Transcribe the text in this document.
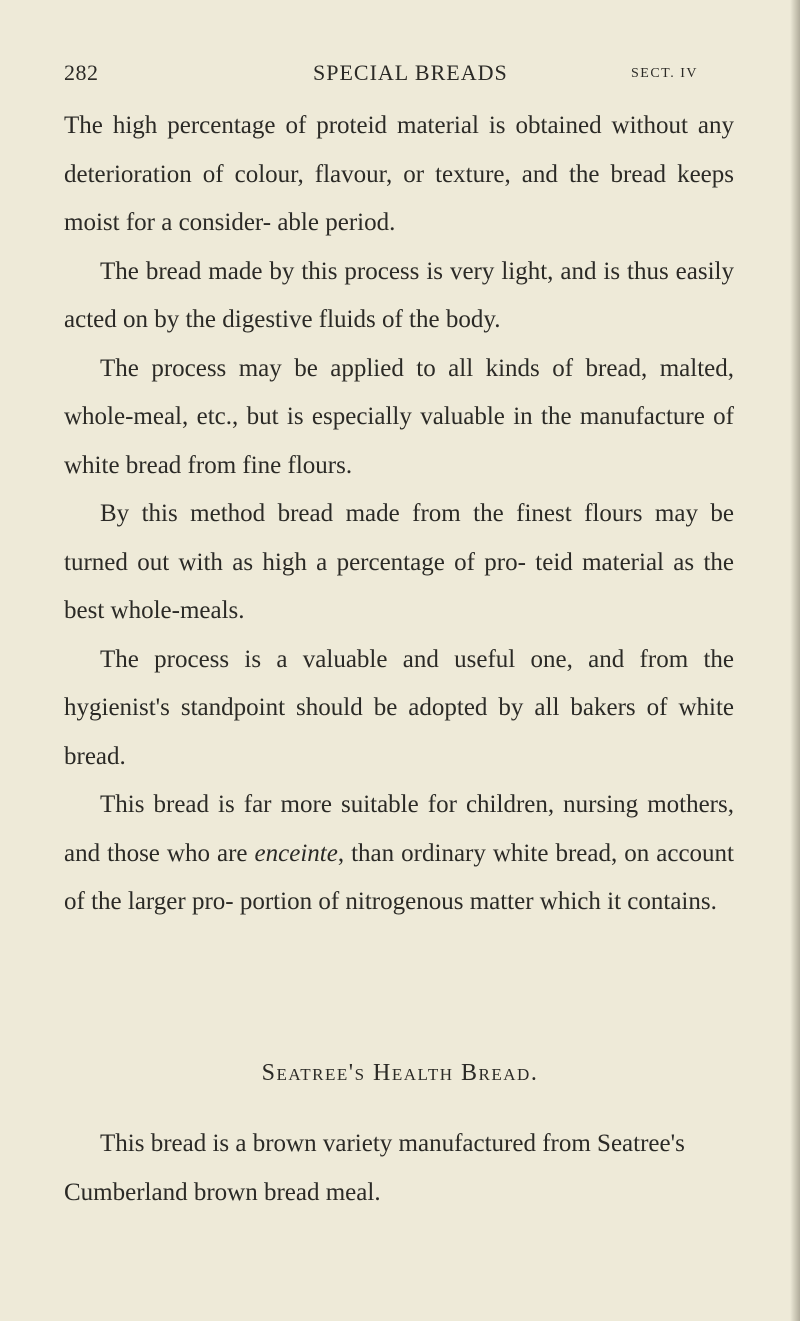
282	SPECIAL BREADS	SECT. IV

The high percentage of proteid material is obtained without any deterioration of colour, flavour, or texture, and the bread keeps moist for a consider- able period.

The bread made by this process is very light, and is thus easily acted on by the digestive fluids of the body.

The process may be applied to all kinds of bread, malted, whole-meal, etc., but is especially valuable in the manufacture of white bread from fine flours.

By this method bread made from the finest flours may be turned out with as high a percentage of pro- teid material as the best whole-meals.

The process is a valuable and useful one, and from the hygienist's standpoint should be adopted by all bakers of white bread.

This bread is far more suitable for children, nursing mothers, and those who are enceinte, than ordinary white bread, on account of the larger pro- portion of nitrogenous matter which it contains.

Seatree's Health Bread.

This bread is a brown variety manufactured from Seatree's Cumberland brown bread meal.
